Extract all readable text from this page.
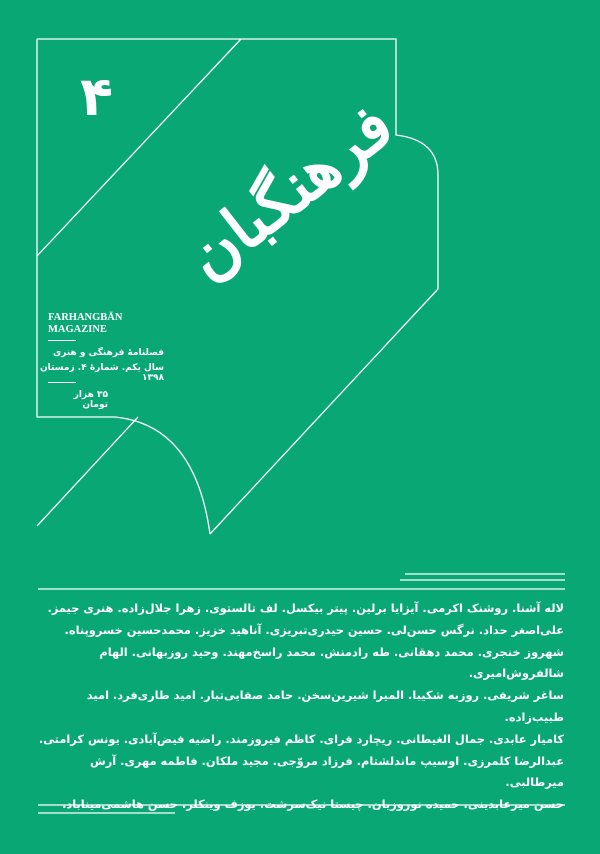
۴ فرهنگبان
FARHANGBĀN
MAGAZINE
فصلنامهٔ فرهنگی و هنری
سال یکم. شمارهٔ ۴. زمستان ۱۳۹۸
۳۵ هزار تومان
لاله آشنا. روشنک اکرمی. آیزایا برلین. پیتر بیکسل. لف تالستوی. زهرا جلال‌زاده. هنری جیمز.
علی‌اصغر حداد. نرگس حسن‌لی. حسین حیدری‌تبریزی. آناهید خزیز. محمدحسین خسروپناه.
شهروز خنجری. محمد دهقانی. طه رادمنش. محمد راسخ‌مهند. وحید روزبهانی. الهام شالفروش‌امیری.
ساغر شریفی. روزبه شکیبا. المیرا شیرین‌سخن. حامد صفایی‌تبار. امید طاری‌فرد. امید طبیب‌زاده.
کامیار عابدی. جمال الغیطانی. ریچارد فرای. کاظم فیروزمند. راضیه فیض‌آبادی. یونس کرامتی.
عبدالرضا کلمرزی. اوسیپ ماندلشتام. فرزاد مروّجی. مجید ملکان. فاطمه مهری. آرش میرطالبی.
حسن میرعابدینی. حمیده نوروزیان. چیستا نیک‌سرشت. یوزف وینکلر. حسن هاشمی‌میناباد.
